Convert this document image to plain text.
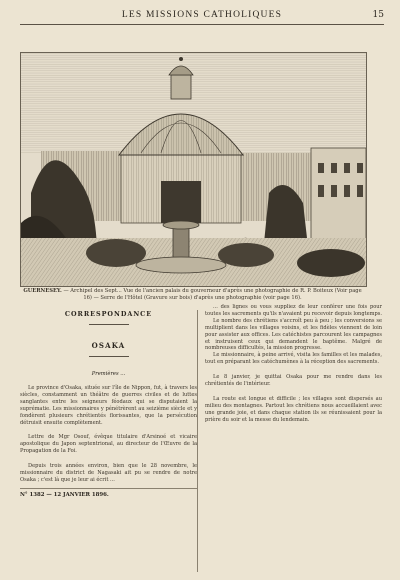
LES MISSIONS CATHOLIQUES	15
GUERNESEY. — Archipel des Sept... Vue de l'ancien palais du gouverneur d'après une photographie de R. P. Boiteux (Voir page 16) — Serre de l'Hôtel (Gravure sur bois) d'après une photographie (voir page 16).
CORRESPONDANCE
OSAKA
Premières ...

Le province d'Osaka, située sur l'île de Nippon, fut, à travers les siècles, constamment un théâtre de guerres civiles et de luttes sanglantes entre les seigneurs féodaux qui se disputaient la suprématie. Les missionnaires y pénétrèrent au seizième siècle et y fondèrent plusieurs chrétientés florissantes, que la persécution détruisit ensuite complètement.

Lettre de Mgr Osouf, évêque titulaire d'Arsinoé et vicaire apostolique du Japon septentrional, au directeur de l'Œuvre de la Propagation de la Foi.

Depuis trois années environ, bien que le 28 novembre, le missionnaire du district de Nagasaki ait pu se rendre de notre Osaka ; c'est là que je leur ai écrit ...

N° 1382 — 12 JANVIER 1896.

... des lignes ou vous suppliez de leur conférer une fois pour toutes les sacrements qu'ils n'avaient pu recevoir depuis longtemps.

Le nombre des chrétiens s'accroît peu à peu ; les conversions se multiplient dans les villages voisins, et les fidèles viennent de loin pour assister aux offices. Les catéchistes parcourent les campagnes et instruisent ceux qui demandent le baptême. Malgré de nombreuses difficultés, la mission progresse.

Le missionnaire, à peine arrivé, visita les familles et les malades, tout en préparant les catéchumènes à la réception des sacrements.

Le 8 janvier, je quittai Osaka pour me rendre dans les chrétientés de l'intérieur.

La route est longue et difficile ; les villages sont dispersés au milieu des montagnes. Partout les chrétiens nous accueillaient avec une grande joie, et dans chaque station ils se réunissaient pour la prière du soir et la messe du lendemain.
